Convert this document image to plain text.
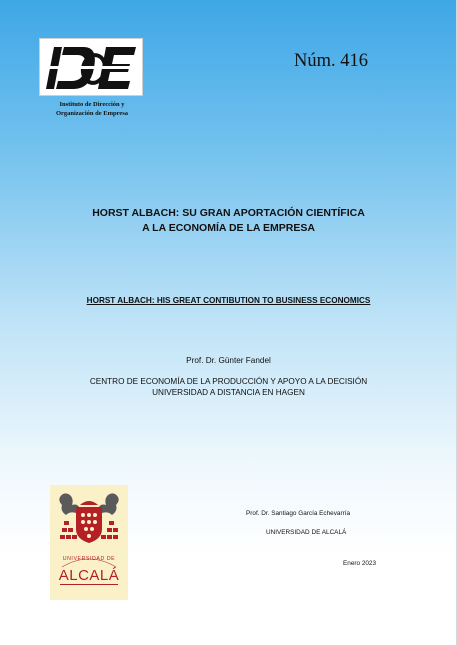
Instituto de Dirección y
Organización de Empresa
Núm. 416
HORST ALBACH: SU GRAN APORTACIÓN CIENTÍFICA
A LA ECONOMÍA DE LA EMPRESA
HORST ALBACH: HIS GREAT CONTIBUTION TO BUSINESS ECONOMICS
Prof. Dr. Günter Fandel
CENTRO DE ECONOMÍA DE LA PRODUCCIÓN Y APOYO A LA DECISIÓN
UNIVERSIDAD A DISTANCIA EN HAGEN
UNIVERSIDAD DE
ALCALÁ
Prof. Dr. Santiago García Echevarría
UNIVERSIDAD DE ALCALÁ
Enero 2023
